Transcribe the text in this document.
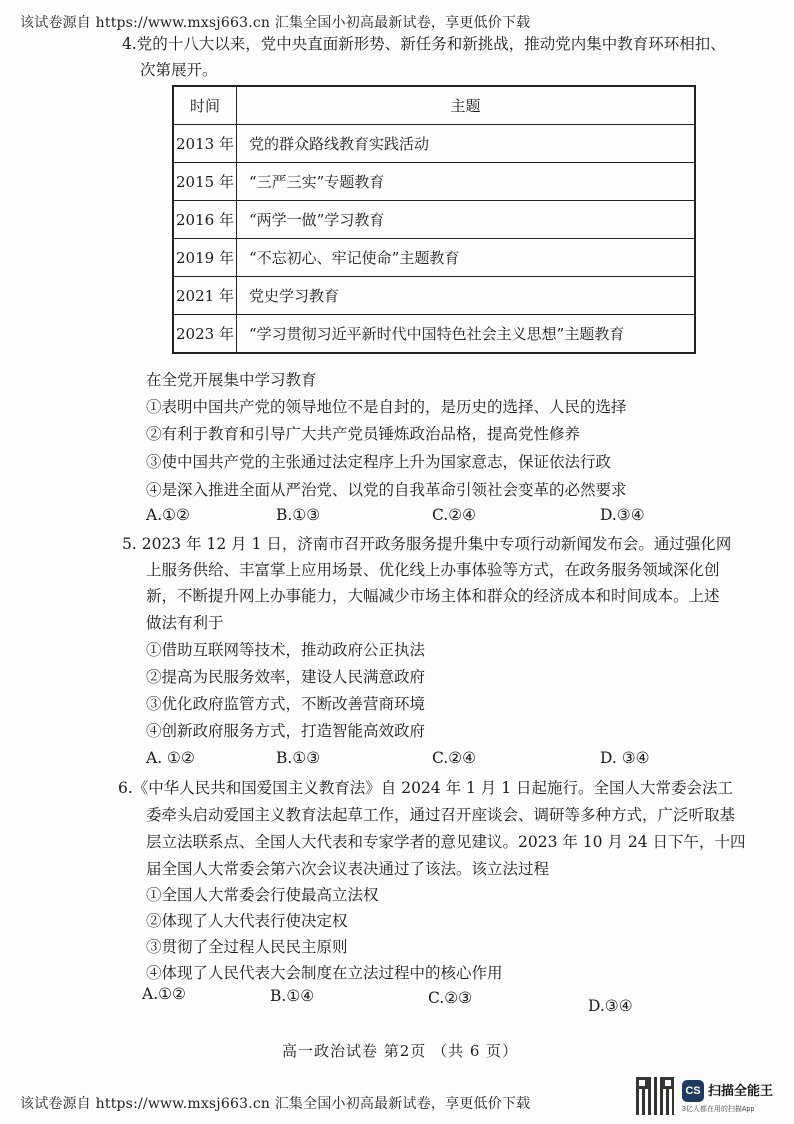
该试卷源自 https://www.mxsj663.cn 汇集全国小初高最新试卷，享更低价下载
4.党的十八大以来，党中央直面新形势、新任务和新挑战，推动党内集中教育环环相扣、
次第展开。
时间	主题
2013 年	党的群众路线教育实践活动
2015 年	“三严三实”专题教育
2016 年	“两学一做”学习教育
2019 年	“不忘初心、牢记使命”主题教育
2021 年	党史学习教育
2023 年	“学习贯彻习近平新时代中国特色社会主义思想”主题教育
在全党开展集中学习教育
①表明中国共产党的领导地位不是自封的，是历史的选择、人民的选择
②有利于教育和引导广大共产党员锤炼政治品格，提高党性修养
③使中国共产党的主张通过法定程序上升为国家意志，保证依法行政
④是深入推进全面从严治党、以党的自我革命引领社会变革的必然要求
A.①②	B.①③	C.②④	D.③④
5. 2023 年 12 月 1 日，济南市召开政务服务提升集中专项行动新闻发布会。通过强化网
上服务供给、丰富掌上应用场景、优化线上办事体验等方式，在政务服务领域深化创
新，不断提升网上办事能力，大幅减少市场主体和群众的经济成本和时间成本。上述
做法有利于
①借助互联网等技术，推动政府公正执法
②提高为民服务效率，建设人民满意政府
③优化政府监管方式，不断改善营商环境
④创新政府服务方式，打造智能高效政府
A. ①②	B.①③	C.②④	D. ③④
6.《中华人民共和国爱国主义教育法》自 2024 年 1 月 1 日起施行。全国人大常委会法工
委牵头启动爱国主义教育法起草工作，通过召开座谈会、调研等多种方式，广泛听取基
层立法联系点、全国人大代表和专家学者的意见建议。2023 年 10 月 24 日下午，十四
届全国人大常委会第六次会议表决通过了该法。该立法过程
①全国人大常委会行使最高立法权
②体现了人大代表行使决定权
③贯彻了全过程人民民主原则
④体现了人民代表大会制度在立法过程中的核心作用
A.①②	B.①④	C.②③	D.③④
高一政治试卷 第2页 （共 6 页）
该试卷源自 https://www.mxsj663.cn 汇集全国小初高最新试卷，享更低价下载
CS 扫描全能王
3亿人都在用的扫描App
